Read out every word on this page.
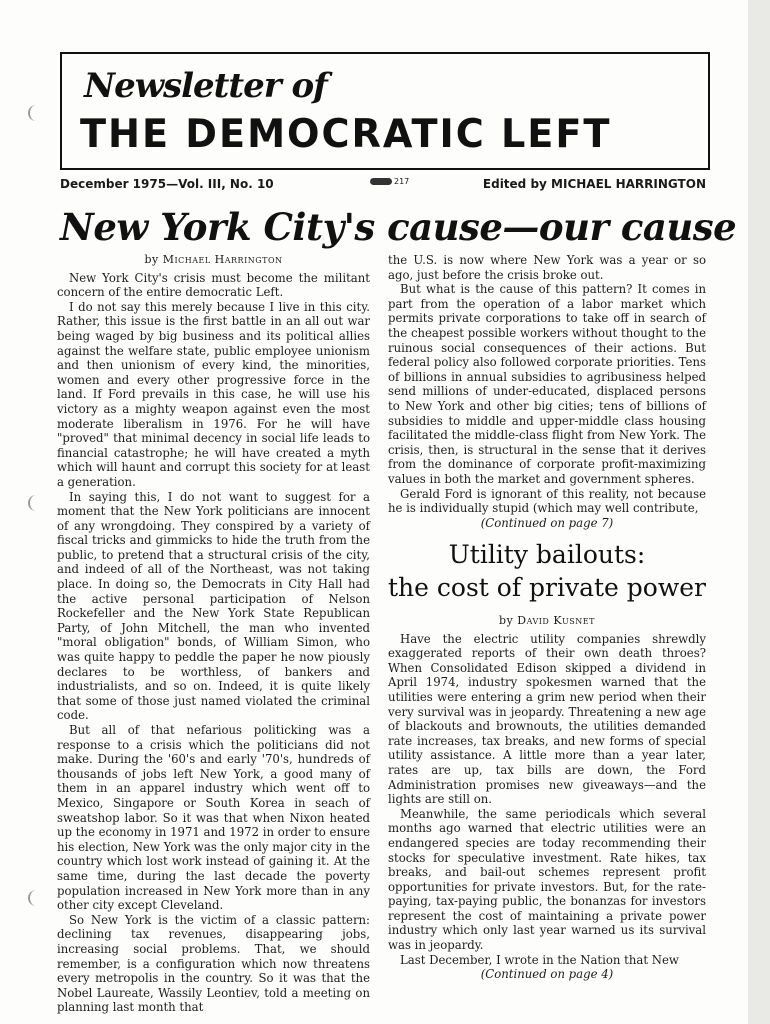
Newsletter of
THE DEMOCRATIC LEFT
December 1975—Vol. III, No. 10	217	Edited by MICHAEL HARRINGTON
New York City's cause—our cause
by Michael Harrington

New York City's crisis must become the militant concern of the entire democratic Left.

I do not say this merely because I live in this city. Rather, this issue is the first battle in an all out war being waged by big business and its political allies against the welfare state, public employee unionism and then unionism of every kind, the minorities, women and every other progressive force in the land. If Ford prevails in this case, he will use his victory as a mighty weapon against even the most moderate liberalism in 1976. For he will have "proved" that minimal decency in social life leads to financial catastrophe; he will have created a myth which will haunt and corrupt this society for at least a generation.

In saying this, I do not want to suggest for a moment that the New York politicians are innocent of any wrongdoing. They conspired by a variety of fiscal tricks and gimmicks to hide the truth from the public, to pretend that a structural crisis of the city, and indeed of all of the Northeast, was not taking place. In doing so, the Democrats in City Hall had the active personal participation of Nelson Rockefeller and the New York State Republican Party, of John Mitchell, the man who invented "moral obligation" bonds, of William Simon, who was quite happy to peddle the paper he now piously declares to be worthless, of bankers and industrialists, and so on. Indeed, it is quite likely that some of those just named violated the criminal code.

But all of that nefarious politicking was a response to a crisis which the politicians did not make. During the '60's and early '70's, hundreds of thousands of jobs left New York, a good many of them in an apparel industry which went off to Mexico, Singapore or South Korea in seach of sweatshop labor. So it was that when Nixon heated up the economy in 1971 and 1972 in order to ensure his election, New York was the only major city in the country which lost work instead of gaining it. At the same time, during the last decade the poverty population increased in New York more than in any other city except Cleveland.

So New York is the victim of a classic pattern: declining tax revenues, disappearing jobs, increasing social problems. That, we should remember, is a configuration which now threatens every metropolis in the country. So it was that the Nobel Laureate, Wassily Leontiev, told a meeting on planning last month that

the U.S. is now where New York was a year or so ago, just before the crisis broke out.

But what is the cause of this pattern? It comes in part from the operation of a labor market which permits private corporations to take off in search of the cheapest possible workers without thought to the ruinous social consequences of their actions. But federal policy also followed corporate priorities. Tens of billions in annual subsidies to agribusiness helped send millions of under-educated, displaced persons to New York and other big cities; tens of billions of subsidies to middle and upper-middle class housing facilitated the middle-class flight from New York. The crisis, then, is structural in the sense that it derives from the dominance of corporate profit-maximizing values in both the market and government spheres.

Gerald Ford is ignorant of this reality, not because he is individually stupid (which may well contribute,

(Continued on page 7)
Utility bailouts:
the cost of private power
by David Kusnet

Have the electric utility companies shrewdly exaggerated reports of their own death throes? When Consolidated Edison skipped a dividend in April 1974, industry spokesmen warned that the utilities were entering a grim new period when their very survival was in jeopardy. Threatening a new age of blackouts and brownouts, the utilities demanded rate increases, tax breaks, and new forms of special utility assistance. A little more than a year later, rates are up, tax bills are down, the Ford Administration promises new giveaways—and the lights are still on.

Meanwhile, the same periodicals which several months ago warned that electric utilities were an endangered species are today recommending their stocks for speculative investment. Rate hikes, tax breaks, and bail-out schemes represent profit opportunities for private investors. But, for the rate-paying, tax-paying public, the bonanzas for investors represent the cost of maintaining a private power industry which only last year warned us its survival was in jeopardy.

Last December, I wrote in the Nation that New

(Continued on page 4)
